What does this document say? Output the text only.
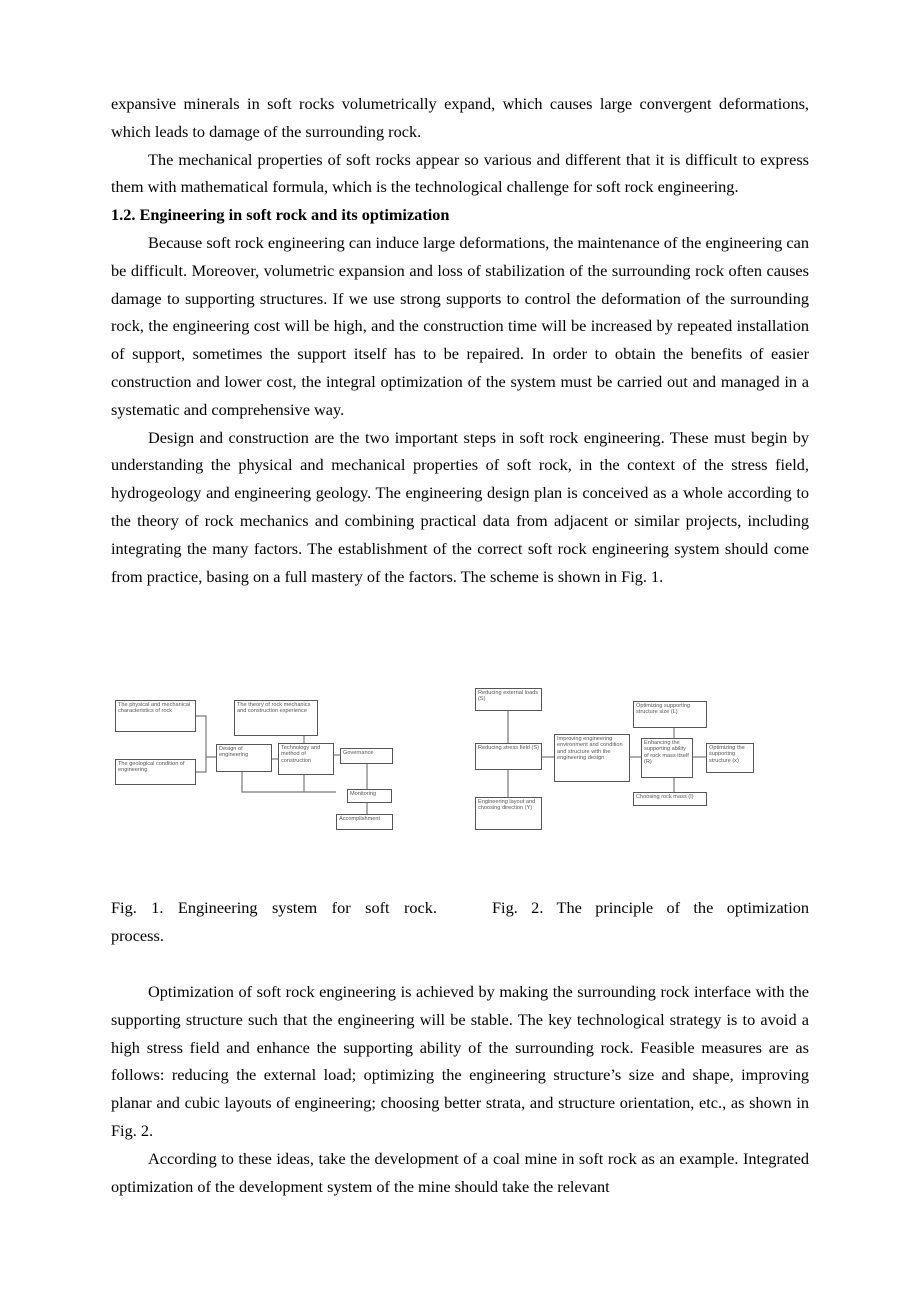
expansive minerals in soft rocks volumetrically expand, which causes large convergent deformations, which leads to damage of the surrounding rock.

The mechanical properties of soft rocks appear so various and different that it is difficult to express them with mathematical formula, which is the technological challenge for soft rock engineering.

1.2. Engineering in soft rock and its optimization

Because soft rock engineering can induce large deformations, the maintenance of the engineering can be difficult. Moreover, volumetric expansion and loss of stabilization of the surrounding rock often causes damage to supporting structures. If we use strong supports to control the deformation of the surrounding rock, the engineering cost will be high, and the construction time will be increased by repeated installation of support, sometimes the support itself has to be repaired. In order to obtain the benefits of easier construction and lower cost, the integral optimization of the system must be carried out and managed in a systematic and comprehensive way.

Design and construction are the two important steps in soft rock engineering. These must begin by understanding the physical and mechanical properties of soft rock, in the context of the stress field, hydrogeology and engineering geology. The engineering design plan is conceived as a whole according to the theory of rock mechanics and combining practical data from adjacent or similar projects, including integrating the many factors. The establishment of the correct soft rock engineering system should come from practice, basing on a full mastery of the factors. The scheme is shown in Fig. 1.

The physical and mechanical characteristics of rock
The geological condition of engineering
The theory of rock mechanics and construction experience
Design of engineering
Technology and method of construction
Governance
Monitoring
Accomplishment
Reducing external loads (S)
Reducing stress field (S)
Engineering layout and choosing direction (Y)
Improving engineering environment and condition and structure with the engineering design
Optimizing supporting structure size (L)
Enhancing the supporting ability of rock mass itself (R)
Choosing rock mass (I)
Optimizing the supporting structure (x)
Fig. 1. Engineering system for soft rock.	Fig. 2. The principle of the optimization process.

Optimization of soft rock engineering is achieved by making the surrounding rock interface with the supporting structure such that the engineering will be stable. The key technological strategy is to avoid a high stress field and enhance the supporting ability of the surrounding rock. Feasible measures are as follows: reducing the external load; optimizing the engineering structure’s size and shape, improving planar and cubic layouts of engineering; choosing better strata, and structure orientation, etc., as shown in Fig. 2.

According to these ideas, take the development of a coal mine in soft rock as an example. Integrated optimization of the development system of the mine should take the relevant
